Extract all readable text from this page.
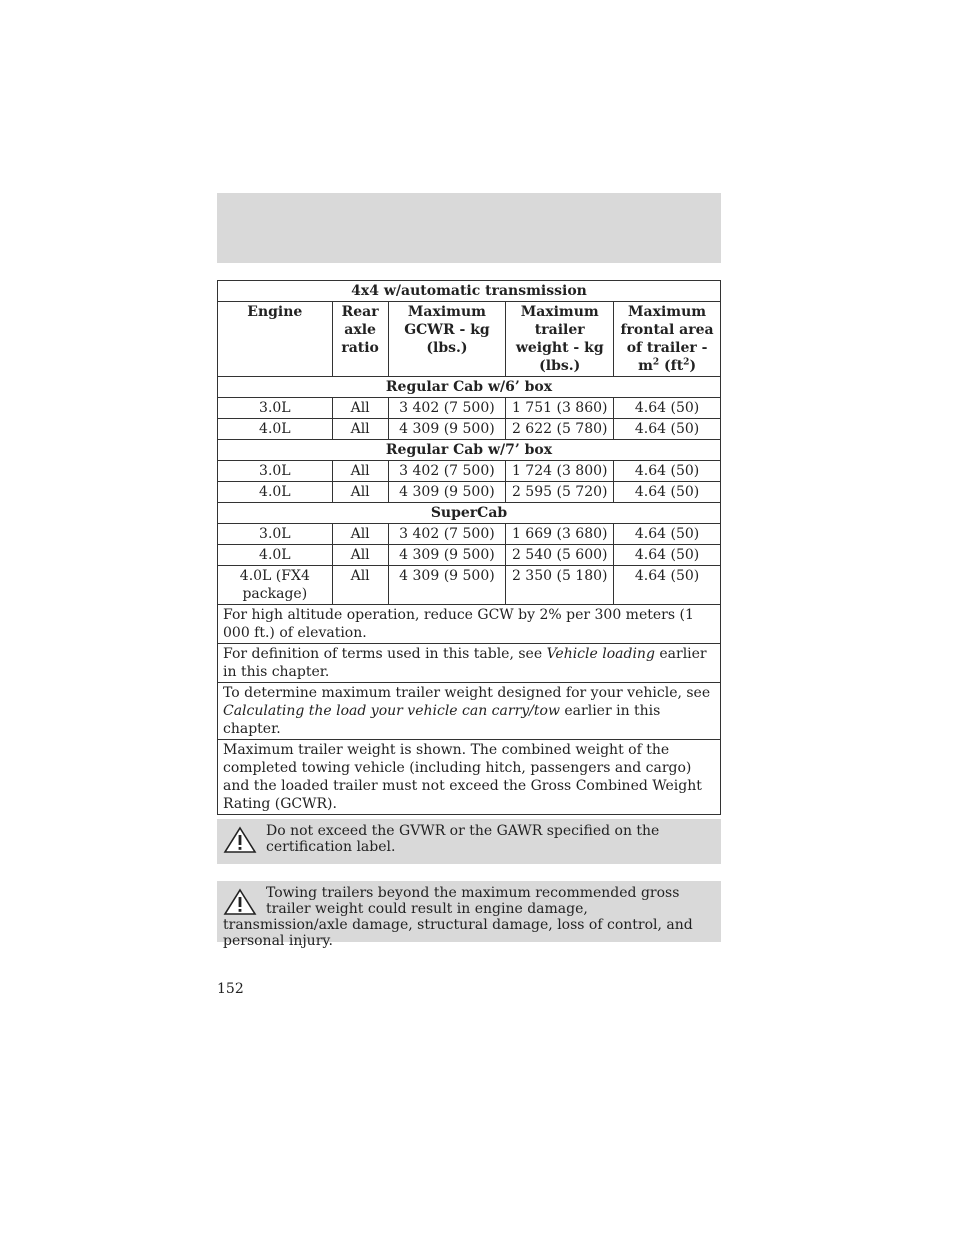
4x4 w/automatic transmission				
Engine	Rear axle ratio	Maximum GCWR - kg (lbs.)	Maximum trailer weight - kg (lbs.)	Maximum frontal area of trailer - $m^2$ $(ft^2)$
Regular Cab w/6’ box				
3.0L	All	3 402 (7 500)	1 751 (3 860)	4.64 (50)
4.0L	All	4 309 (9 500)	2 622 (5 780)	4.64 (50)
Regular Cab w/7’ box				
3.0L	All	3 402 (7 500)	1 724 (3 800)	4.64 (50)
4.0L	All	4 309 (9 500)	2 595 (5 720)	4.64 (50)
SuperCab				
3.0L	All	3 402 (7 500)	1 669 (3 680)	4.64 (50)
4.0L	All	4 309 (9 500)	2 540 (5 600)	4.64 (50)
4.0L (FX4 package)	All	4 309 (9 500)	2 350 (5 180)	4.64 (50)
For high altitude operation, reduce GCW by 2% per 300 meters (1 000 ft.) of elevation.				
For definition of terms used in this table, see Vehicle loading earlier in this chapter.				
To determine maximum trailer weight designed for your vehicle, see Calculating the load your vehicle can carry/tow earlier in this chapter.				
Maximum trailer weight is shown. The combined weight of the completed towing vehicle (including hitch, passengers and cargo) and the loaded trailer must not exceed the Gross Combined Weight Rating (GCWR).				
Do not exceed the GVWR or the GAWR specified on the certification label.
Towing trailers beyond the maximum recommended gross trailer weight could result in engine damage, transmission/axle damage, structural damage, loss of control, and personal injury.
152
